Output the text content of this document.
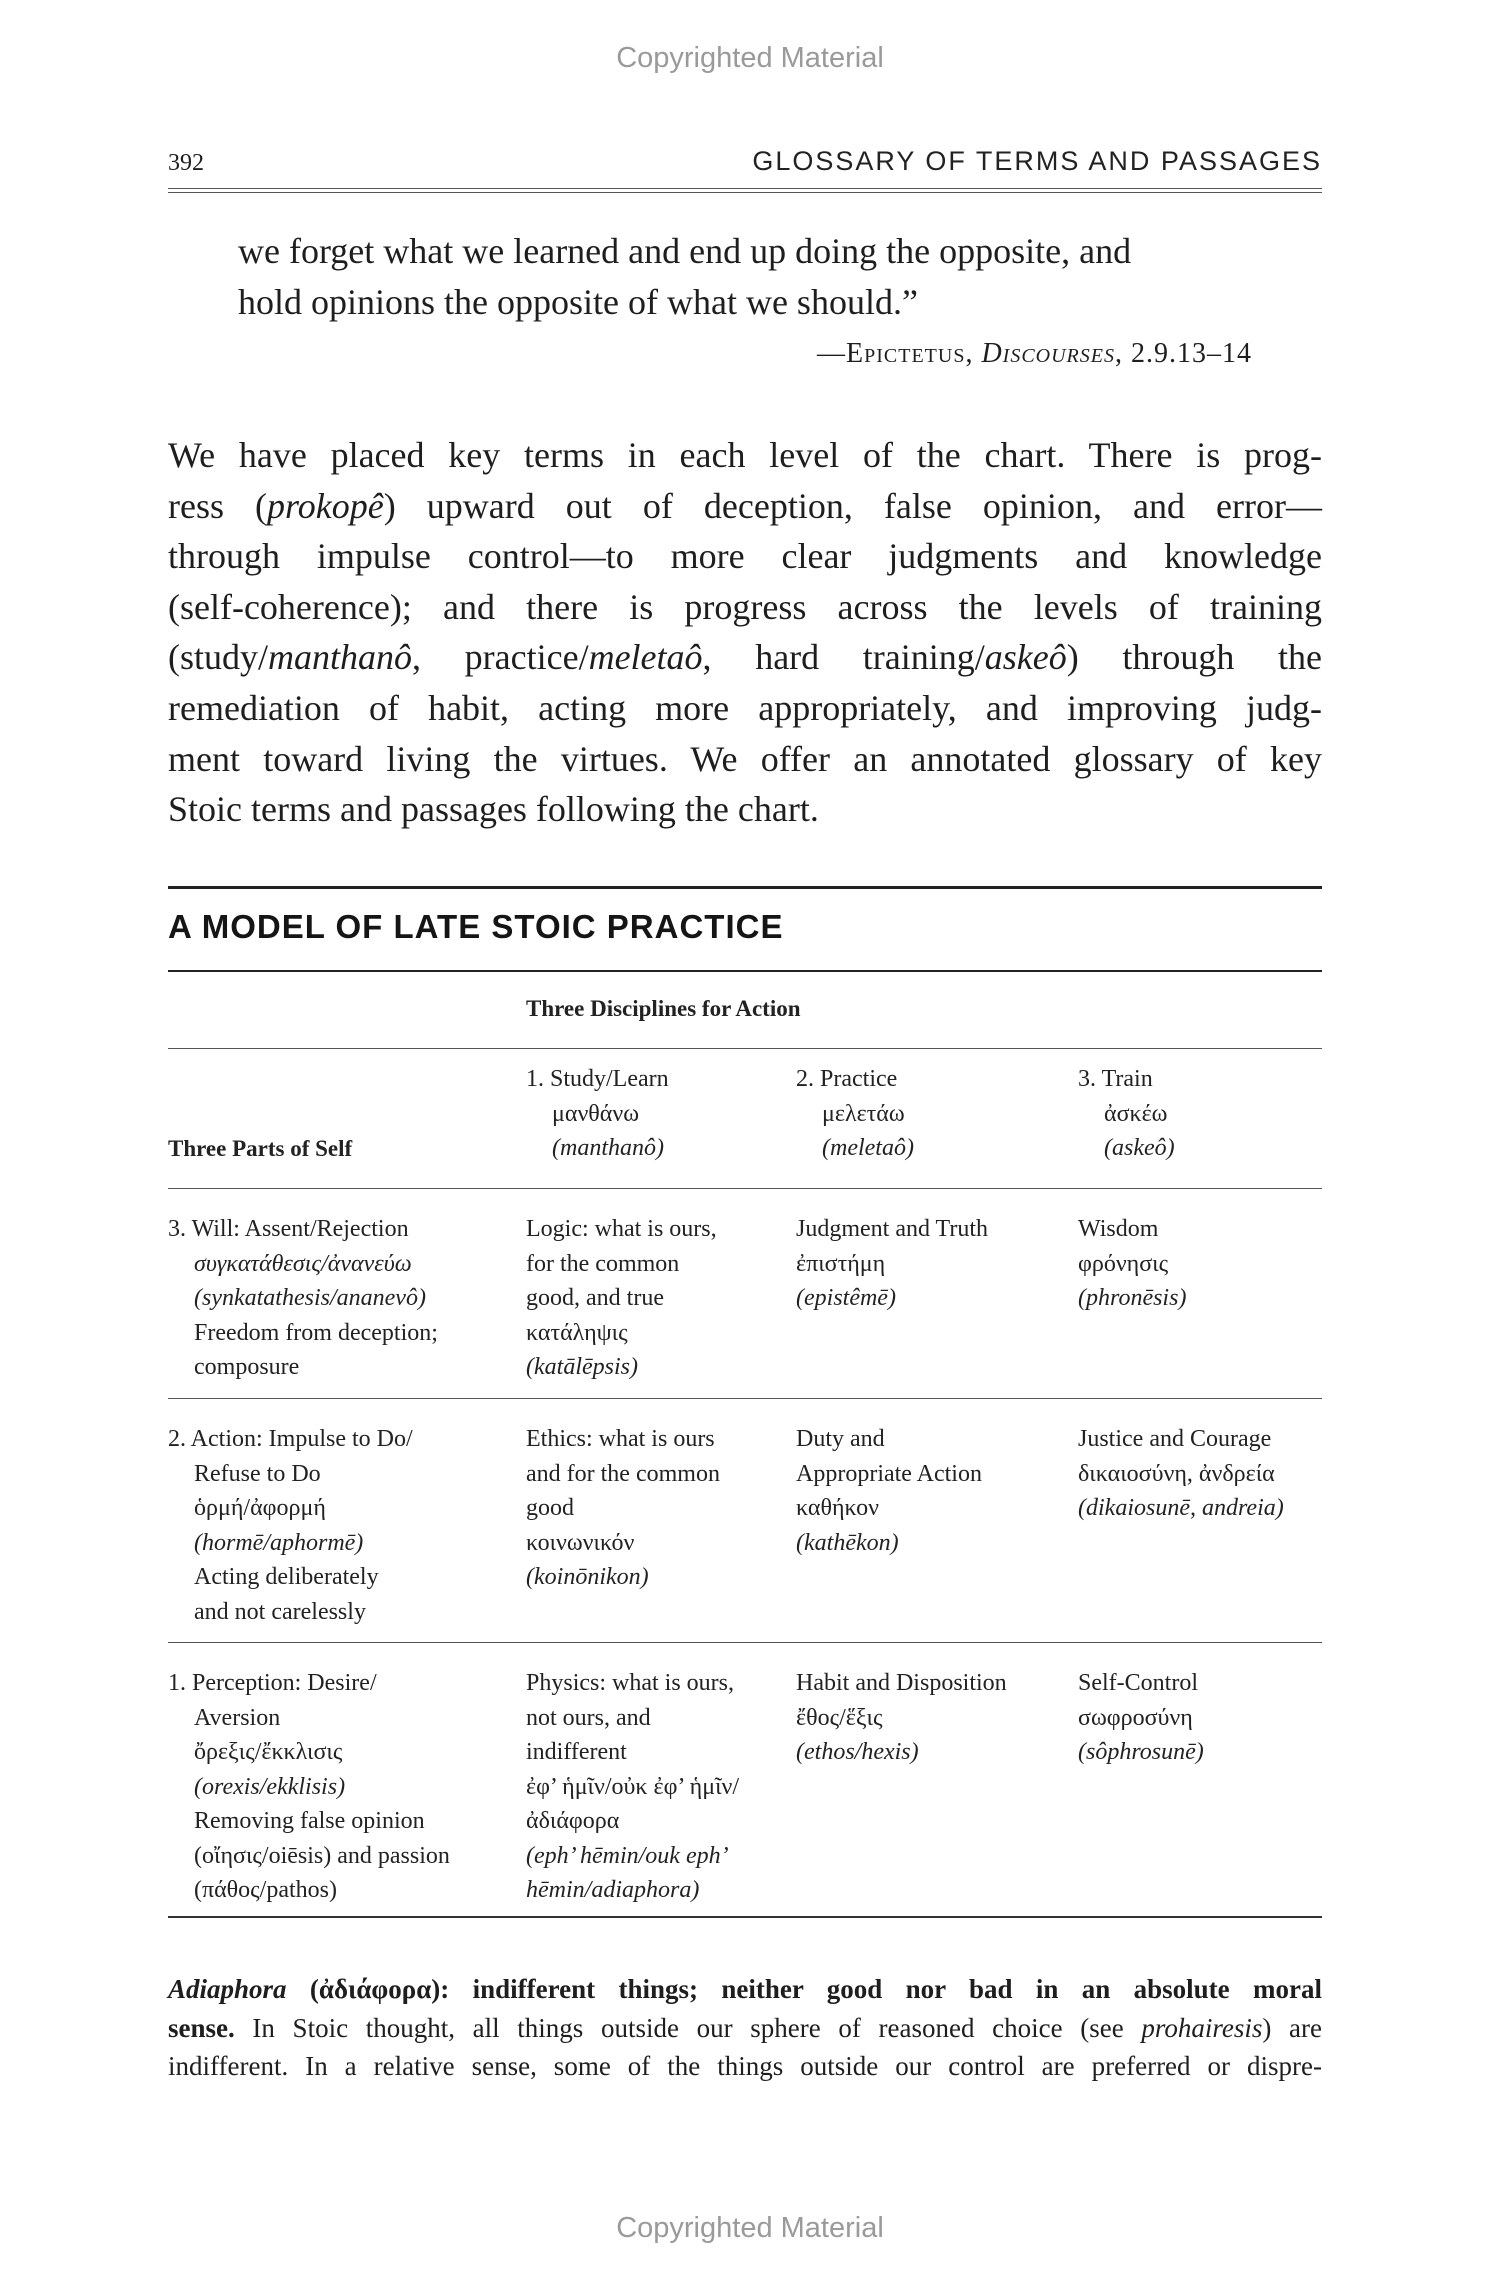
Copyrighted Material
392	GLOSSARY OF TERMS AND PASSAGES
we forget what we learned and end up doing the opposite, and
hold opinions the opposite of what we should.”
—Epictetus, Discourses, 2.9.13–14
We have placed key terms in each level of the chart. There is prog-
ress (prokopê) upward out of deception, false opinion, and error—
through impulse control—to more clear judgments and knowledge
(self-coherence); and there is progress across the levels of training
(study/manthanô, practice/meletaô, hard training/askeô) through the
remediation of habit, acting more appropriately, and improving judg-
ment toward living the virtues. We offer an annotated glossary of key
Stoic terms and passages following the chart.
A MODEL OF LATE STOIC PRACTICE
Three Disciplines for Action
Three Parts of Self
1. Study/Learn
μανθάνω
(manthanô)
2. Practice
μελετάω
(meletaô)
3. Train
ἀσκέω
(askeô)
3. Will: Assent/Rejection
συγκατάθεσις/ἀνανεύω
(synkatathesis/ananevô)
Freedom from deception;
composure
Logic: what is ours,
for the common
good, and true
κατάληψις
(katālēpsis)
Judgment and Truth
ἐπιστήμη
(epistêmē)
Wisdom
φρόνησις
(phronēsis)
2. Action: Impulse to Do/
Refuse to Do
ὁρμή/ἀφορμή
(hormē/aphormē)
Acting deliberately
and not carelessly
Ethics: what is ours
and for the common
good
κοινωνικόν
(koinōnikon)
Duty and
Appropriate Action
καθήκον
(kathēkon)
Justice and Courage
δικαιοσύνη, ἀνδρεία
(dikaiosunē, andreia)
1. Perception: Desire/
Aversion
ὄρεξις/ἔκκλισις
(orexis/ekklisis)
Removing false opinion
(οἴησις/oiēsis) and passion
(πάθος/pathos)
Physics: what is ours,
not ours, and
indifferent
ἐφ’ ἡμῖν/οὐκ ἐφ’ ἡμῖν/
ἀδιάφορα
(eph’ hēmin/ouk eph’
hēmin/adiaphora)
Habit and Disposition
ἔθος/ἕξις
(ethos/hexis)
Self-Control
σωφροσύνη
(sôphrosunē)
Adiaphora (ἀδιάφορα): indifferent things; neither good nor bad in an absolute moral
sense. In Stoic thought, all things outside our sphere of reasoned choice (see prohairesis) are
indifferent. In a relative sense, some of the things outside our control are preferred or dispre-
Copyrighted Material
